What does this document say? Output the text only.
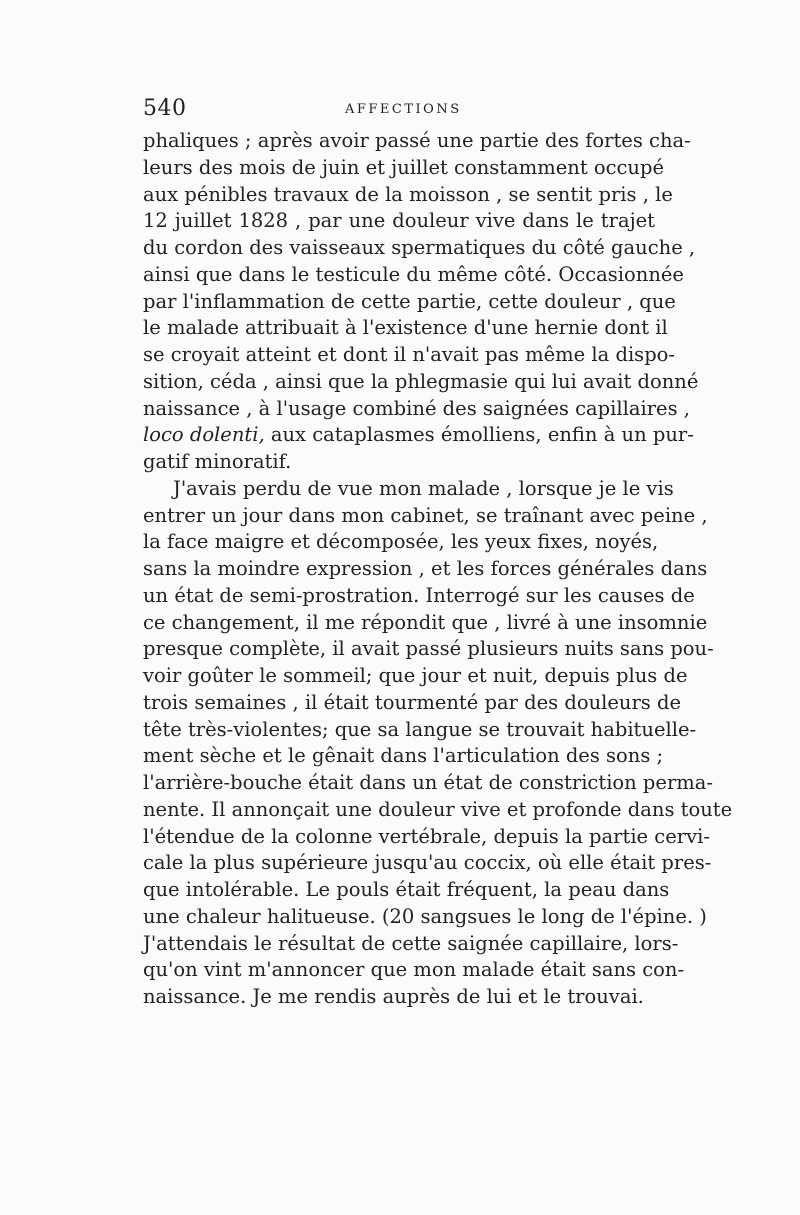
540	AFFECTIONS
phaliques ; après avoir passé une partie des fortes cha-
leurs des mois de juin et juillet constamment occupé
aux pénibles travaux de la moisson , se sentit pris , le
12 juillet 1828 , par une douleur vive dans le trajet
du cordon des vaisseaux spermatiques du côté gauche ,
ainsi que dans le testicule du même côté. Occasionnée
par l'inflammation de cette partie, cette douleur , que
le malade attribuait à l'existence d'une hernie dont il
se croyait atteint et dont il n'avait pas même la dispo-
sition, céda , ainsi que la phlegmasie qui lui avait donné
naissance , à l'usage combiné des saignées capillaires ,
loco dolenti, aux cataplasmes émolliens, enfin à un pur-
gatif minoratif.
J'avais perdu de vue mon malade , lorsque je le vis
entrer un jour dans mon cabinet, se traînant avec peine ,
la face maigre et décomposée, les yeux fixes, noyés,
sans la moindre expression , et les forces générales dans
un état de semi-prostration. Interrogé sur les causes de
ce changement, il me répondit que , livré à une insomnie
presque complète, il avait passé plusieurs nuits sans pou-
voir goûter le sommeil; que jour et nuit, depuis plus de
trois semaines , il était tourmenté par des douleurs de
tête très-violentes; que sa langue se trouvait habituelle-
ment sèche et le gênait dans l'articulation des sons ;
l'arrière-bouche était dans un état de constriction perma-
nente. Il annonçait une douleur vive et profonde dans toute
l'étendue de la colonne vertébrale, depuis la partie cervi-
cale la plus supérieure jusqu'au coccix, où elle était pres-
que intolérable. Le pouls était fréquent, la peau dans
une chaleur halitueuse. (20 sangsues le long de l'épine. )
J'attendais le résultat de cette saignée capillaire, lors-
qu'on vint m'annoncer que mon malade était sans con-
naissance. Je me rendis auprès de lui et le trouvai.
